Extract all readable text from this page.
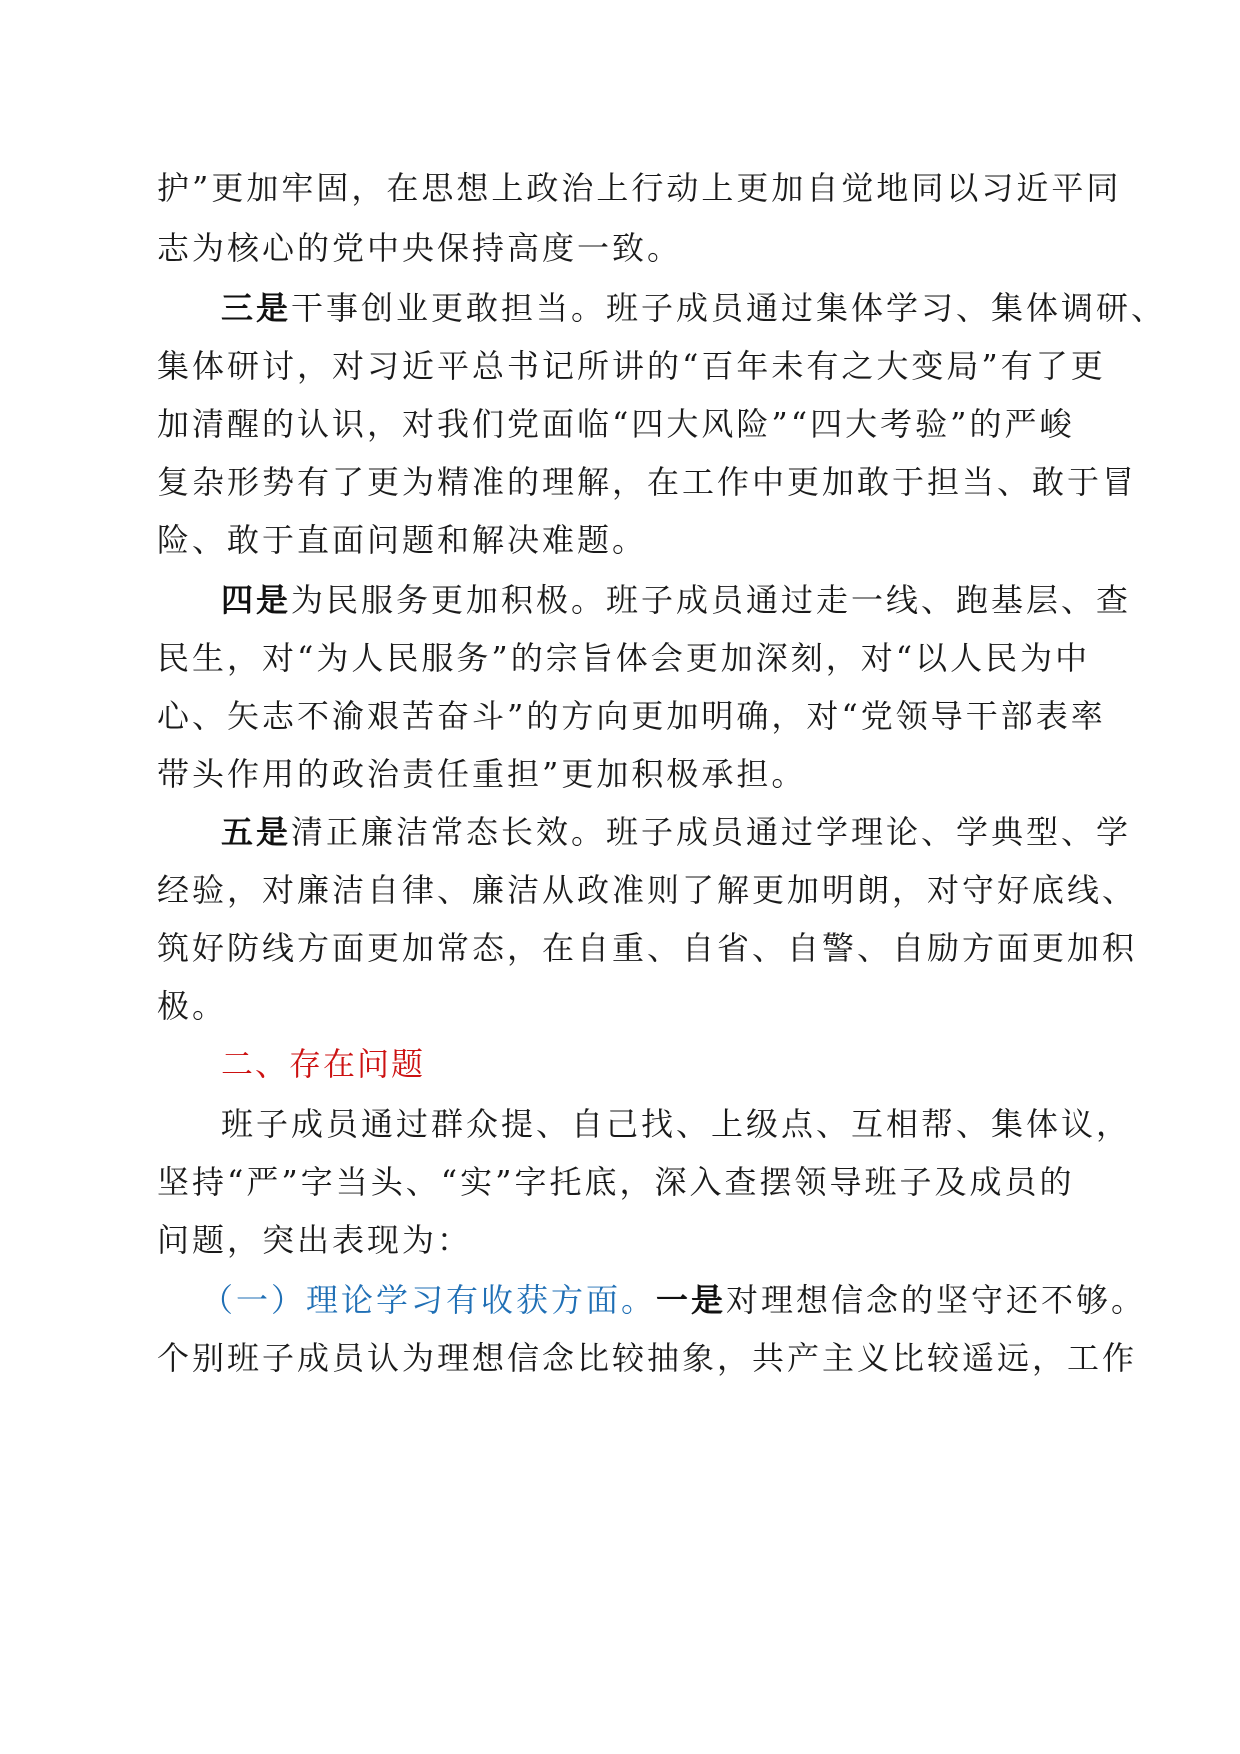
护”更加牢固，在思想上政治上行动上更加自觉地同以习近平同
志为核心的党中央保持高度一致。
三是干事创业更敢担当。班子成员通过集体学习、集体调研、
集体研讨，对习近平总书记所讲的“百年未有之大变局”有了更
加清醒的认识，对我们党面临“四大风险”“四大考验”的严峻
复杂形势有了更为精准的理解，在工作中更加敢于担当、敢于冒
险、敢于直面问题和解决难题。
四是为民服务更加积极。班子成员通过走一线、跑基层、查
民生，对“为人民服务”的宗旨体会更加深刻，对“以人民为中
心、矢志不渝艰苦奋斗”的方向更加明确，对“党领导干部表率
带头作用的政治责任重担”更加积极承担。
五是清正廉洁常态长效。班子成员通过学理论、学典型、学
经验，对廉洁自律、廉洁从政准则了解更加明朗，对守好底线、
筑好防线方面更加常态，在自重、自省、自警、自励方面更加积
极。
二、存在问题
班子成员通过群众提、自己找、上级点、互相帮、集体议，
坚持“严”字当头、“实”字托底，深入查摆领导班子及成员的
问题，突出表现为：
（一）理论学习有收获方面。一是对理想信念的坚守还不够。
个别班子成员认为理想信念比较抽象，共产主义比较遥远，工作
